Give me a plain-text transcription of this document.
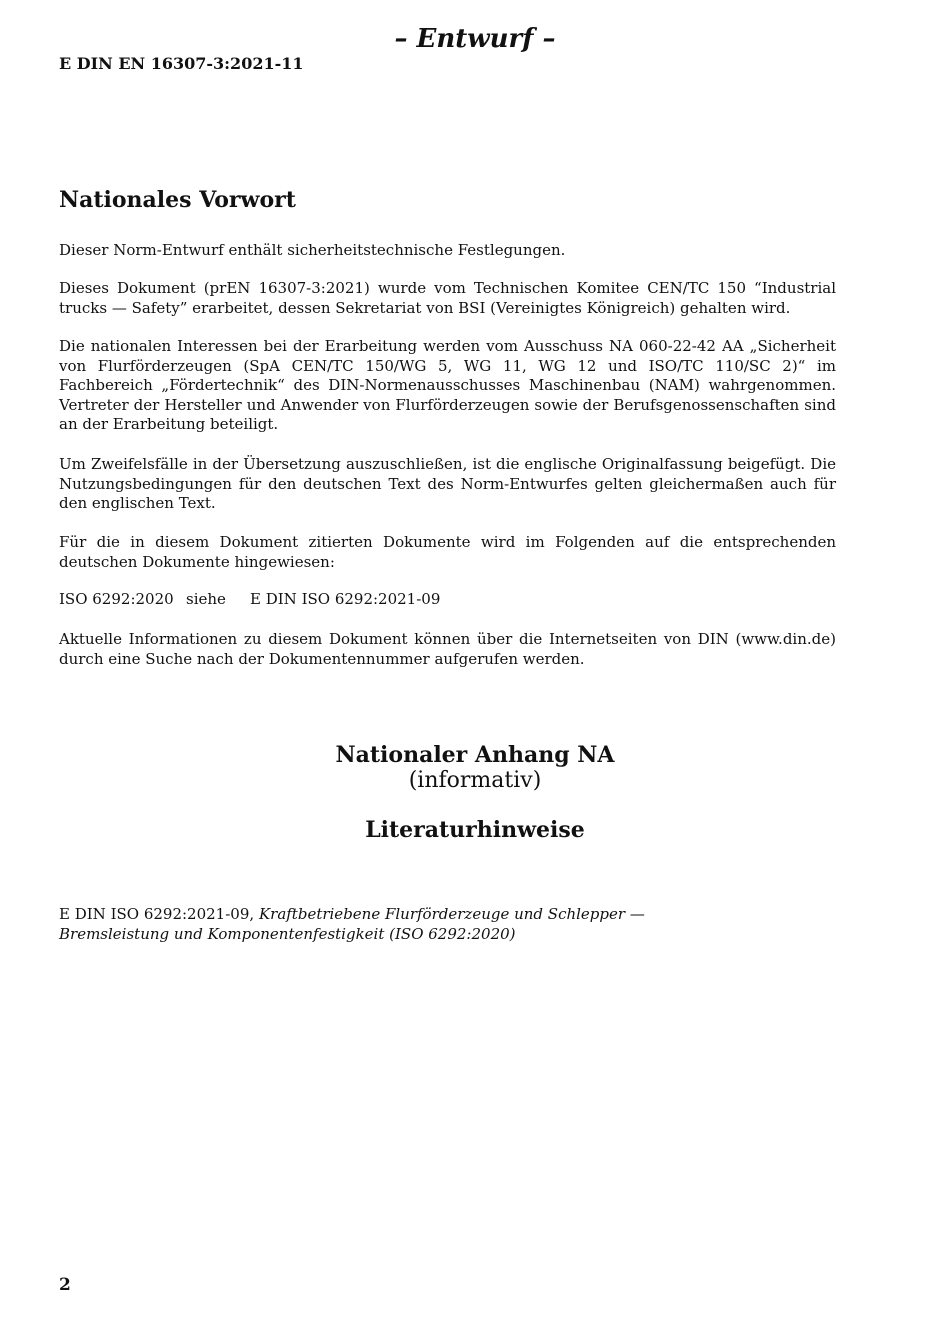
– Entwurf –
E DIN EN 16307-3:2021-11
Nationales Vorwort

Dieser Norm-Entwurf enthält sicherheitstechnische Festlegungen.

Dieses Dokument (prEN 16307-3:2021) wurde vom Technischen Komitee CEN/TC 150 “Industrial trucks — Safety” erarbeitet, dessen Sekretariat von BSI (Vereinigtes Königreich) gehalten wird.

Die nationalen Interessen bei der Erarbeitung werden vom Ausschuss NA 060-22-42 AA „Sicherheit von Flurförderzeugen (SpA CEN/TC 150/WG 5, WG 11, WG 12 und ISO/TC 110/SC 2)“ im Fachbereich „Fördertechnik“ des DIN-Normenausschusses Maschinenbau (NAM) wahrgenommen. Vertreter der Hersteller und Anwender von Flurförderzeugen sowie der Berufsgenossenschaften sind an der Erarbeitung beteiligt.

Um Zweifelsfälle in der Übersetzung auszuschließen, ist die englische Originalfassung beigefügt. Die Nutzungsbedingungen für den deutschen Text des Norm-Entwurfes gelten gleichermaßen auch für den englischen Text.

Für die in diesem Dokument zitierten Dokumente wird im Folgenden auf die entsprechenden deutschen Dokumente hingewiesen:

ISO 6292:2020 siehe E DIN ISO 6292:2021-09

Aktuelle Informationen zu diesem Dokument können über die Internetseiten von DIN (www.din.de) durch eine Suche nach der Dokumentennummer aufgerufen werden.

Nationaler Anhang NA
(informativ)
Literaturhinweise

E DIN ISO 6292:2021-09, Kraftbetriebene Flurförderzeuge und Schlepper — Bremsleistung und Komponentenfestigkeit (ISO 6292:2020)

2
